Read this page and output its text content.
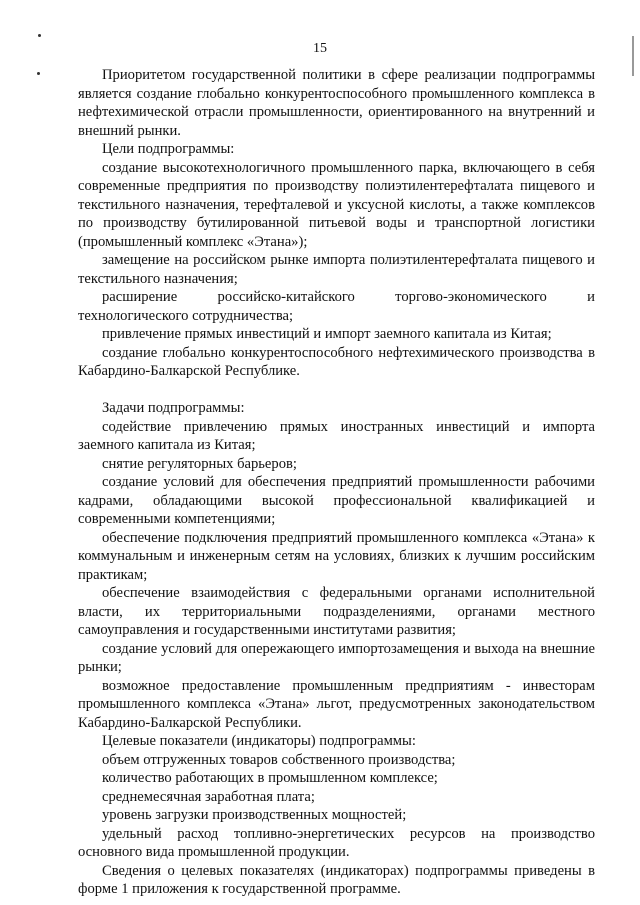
15

Приоритетом государственной политики в сфере реализации подпрограммы является создание глобально конкурентоспособного промышленного комплекса в нефтехимической отрасли промышленности, ориентированного на внутренний и внешний рынки.

Цели подпрограммы:

создание высокотехнологичного промышленного парка, включающего в себя современные предприятия по производству полиэтилентерефталата пищевого и текстильного назначения, терефталевой и уксусной кислоты, а также комплексов по производству бутилированной питьевой воды и транспортной логистики (промышленный комплекс «Этана»);

замещение на российском рынке импорта полиэтилентерефталата пищевого и текстильного назначения;

расширение российско-китайского торгово-экономического и технологического сотрудничества;

привлечение прямых инвестиций и импорт заемного капитала из Китая;

создание глобально конкурентоспособного нефтехимического производства в Кабардино-Балкарской Республике.

Задачи подпрограммы:

содействие привлечению прямых иностранных инвестиций и импорта заемного капитала из Китая;

снятие регуляторных барьеров;

создание условий для обеспечения предприятий промышленности рабочими кадрами, обладающими высокой профессиональной квалификацией и современными компетенциями;

обеспечение подключения предприятий промышленного комплекса «Этана» к коммунальным и инженерным сетям на условиях, близких к лучшим российским практикам;

обеспечение взаимодействия с федеральными органами исполнительной власти, их территориальными подразделениями, органами местного самоуправления и государственными институтами развития;

создание условий для опережающего импортозамещения и выхода на внешние рынки;

возможное предоставление промышленным предприятиям - инвесторам промышленного комплекса «Этана» льгот, предусмотренных законодательством Кабардино-Балкарской Республики.

Целевые показатели (индикаторы) подпрограммы:

объем отгруженных товаров собственного производства;

количество работающих в промышленном комплексе;

среднемесячная заработная плата;

уровень загрузки производственных мощностей;

удельный расход топливно-энергетических ресурсов на производство основного вида промышленной продукции.

Сведения о целевых показателях (индикаторах) подпрограммы приведены в форме 1 приложения к государственной программе.
